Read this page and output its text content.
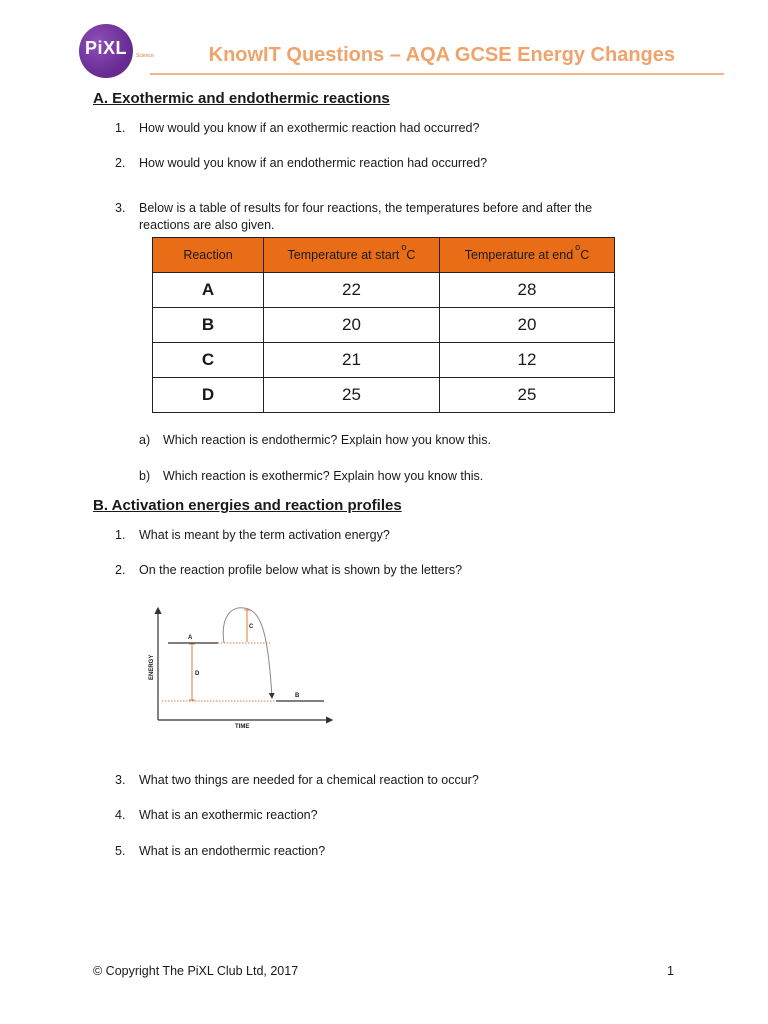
PiXL Science	KnowIT Questions – AQA GCSE Energy Changes
A. Exothermic and endothermic reactions
1.	How would you know if an exothermic reaction had occurred?
2.	How would you know if an endothermic reaction had occurred?
3.	Below is a table of results for four reactions, the temperatures before and after the reactions are also given.
Reaction	Temperature at start$^o$C	Temperature at end$^o$C
A	22	28
B	20	20
C	21	12
D	25	25
a) Which reaction is endothermic? Explain how you know this.
b) Which reaction is exothermic? Explain how you know this.
B. Activation energies and reaction profiles
1.	What is meant by the term activation energy?
2.	On the reaction profile below what is shown by the letters?
A
B
C
D
TIME
ENERGY
3.	What two things are needed for a chemical reaction to occur?
4.	What is an exothermic reaction?
5.	What is an endothermic reaction?
© Copyright The PiXL Club Ltd, 2017	1
